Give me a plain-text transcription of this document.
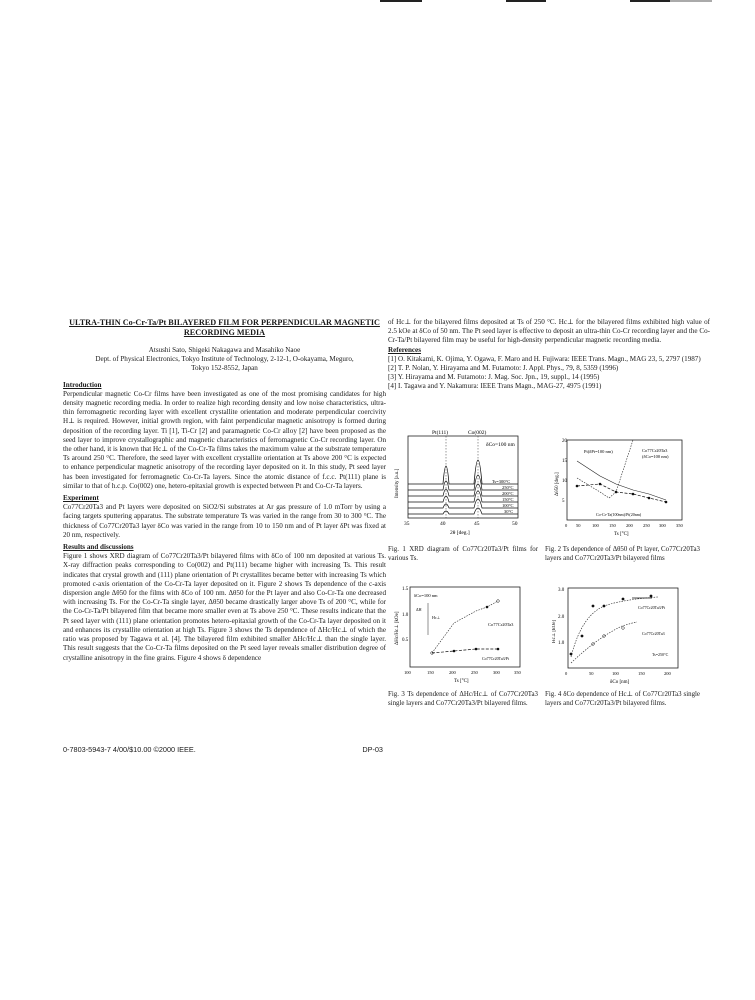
ULTRA-THIN Co-Cr-Ta/Pt BILAYERED FILM FOR PERPENDICULAR MAGNETIC RECORDING MEDIA
Atsushi Sato, Shigeki Nakagawa and Masahiko Naoe
Dept. of Physical Electronics, Tokyo Institute of Technology, 2-12-1, O-okayama, Meguro,
Tokyo 152-8552, Japan
Introduction

Perpendicular magnetic Co-Cr films have been investigated as one of the most promising candidates for high density magnetic recording media. In order to realize high recording density and low noise characteristics, ultra-thin ferromagnetic recording layer with excellent crystallite orientation and moderate perpendicular coercivity H⊥ is required. However, initial growth region, with faint perpendicular magnetic anisotropy is formed during deposition of the recording layer. Ti [1], Ti-Cr [2] and paramagnetic Co-Cr alloy [2] have been proposed as the seed layer to improve crystallographic and magnetic characteristics of ferromagnetic Co-Cr recording layer. On the other hand, it is known that Hc⊥ of the Co-Cr-Ta films takes the maximum value at the substrate temperature Ts around 250 °C. Therefore, the seed layer with excellent crystallite orientation at Ts above 200 °C is expected to enhance perpendicular magnetic anisotropy of the recording layer deposited on it. In this study, Pt seed layer has been investigated for ferromagnetic Co-Cr-Ta layers. Since the atomic distance of f.c.c. Pt(111) plane is similar to that of h.c.p. Co(002) one, hetero-epitaxial growth is expected between Pt and Co-Cr-Ta layers.

Experiment

Co77Cr20Ta3 and Pt layers were deposited on SiO2/Si substrates at Ar gas pressure of 1.0 mTorr by using a facing targets sputtering apparatus. The substrate temperature Ts was varied in the range from 30 to 300 °C. The thickness of Co77Cr20Ta3 layer δCo was varied in the range from 10 to 150 nm and of Pt layer δPt was fixed at 20 nm, respectively.

Results and discussions

Figure 1 shows XRD diagram of Co77Cr20Ta3/Pt bilayered films with δCo of 100 nm deposited at various Ts. X-ray diffraction peaks corresponding to Co(002) and Pt(111) became higher with increasing Ts. This result indicates that crystal growth and (111) plane orientation of Pt crystallites became better with increasing Ts which promoted c-axis orientation of the Co-Cr-Ta layer deposited on it. Figure 2 shows Ts dependence of the c-axis dispersion angle Δθ50 for the films with δCo of 100 nm. Δθ50 for the Pt layer and also Co-Cr-Ta one decreased with increasing Ts. For the Co-Cr-Ta single layer, Δθ50 became drastically larger above Ts of 200 °C, while for the Co-Cr-Ta/Pt bilayered film that became more smaller even at Ts above 250 °C. These results indicate that the Pt seed layer with (111) plane orientation promotes hetero-epitaxial growth of the Co-Cr-Ta layer deposited on it and enhances its crystallite orientation at high Ts. Figure 3 shows the Ts dependence of ΔHc/Hc⊥ of which the ratio was proposed by Tagawa et al. [4]. The bilayered film exhibited smaller ΔHc/Hc⊥ than the single layer. This result suggests that the Co-Cr-Ta films deposited on the Pt seed layer reveals smaller distribution degree of crystalline anisotropy in the fine grains. Figure 4 shows δ dependence

0-7803-5943-7 4/00/$10.00 ©2000 IEEE.	DP-03

of Hc⊥ for the bilayered films deposited at Ts of 250 °C. Hc⊥ for the bilayered films exhibited high value of 2.5 kOe at δCo of 50 nm. The Pt seed layer is effective to deposit an ultra-thin Co-Cr recording layer and the Co-Cr-Ta/Pt bilayered film may be useful for high-density perpendicular magnetic recording media.

References
[1] O. Kitakami, K. Ojima, Y. Ogawa, F. Maro and H. Fujiwara: IEEE Trans. Magn., MAG 23, 5, 2797 (1987)
[2] T. P. Nolan, Y. Hirayama and M. Futamoto: J. Appl. Phys., 79, 8, 5359 (1996)
[3] Y. Hirayama and M. Futamoto: J. Mag. Soc. Jpn., 19, suppl., 14 (1995)
[4] I. Tagawa and Y. Nakamura: IEEE Trans Magn., MAG-27, 4975 (1991)
Pt(111)	Co(002)
δCo=100 nm
Ts=300°C
250°C
200°C
150°C
100°C
30°C
35	40	45	50
2θ [deg.]
Intensity [a.u.]
Fig. 1 XRD diagram of Co77Cr20Ta3/Pt films for various Ts.
Pt(δPt=100 nm)	Co77Cr20Ta3
(δCo=100 nm)
Co-Cr-Ta(100nm)/Pt(20nm)
20
15
10
5
0 50	100 150 200 250 300 350
Ts [°C]
Δθ50 [deg.]
Fig. 2 Ts dependence of Δθ50 of Pt layer, Co77Cr20Ta3 layers and Co77Cr20Ta3/Pt bilayered films
δCo=100 nm
ΔH
Hc⊥
Co77Cr20Ta3
Co77Cr20Ta3/Pt
1.5
1.0
0.5
100	150	200	250	300	350
Ts [°C]
ΔHc/Hc⊥ [kOe]
Fig. 3 Ts dependence of ΔHc/Hc⊥ of Co77Cr20Ta3 single layers and Co77Cr20Ta3/Pt bilayered films.
Co77Cr20Ta3/Pt
Co77Cr20Ta3
Ts=250°C
3.0
2.0
1.0
0	50	100	150	200
δCo [nm]
Hc⊥ [kOe]
Fig. 4 δCo dependence of Hc⊥ of Co77Cr20Ta3 single layers and Co77Cr20Ta3/Pt bilayered films.
